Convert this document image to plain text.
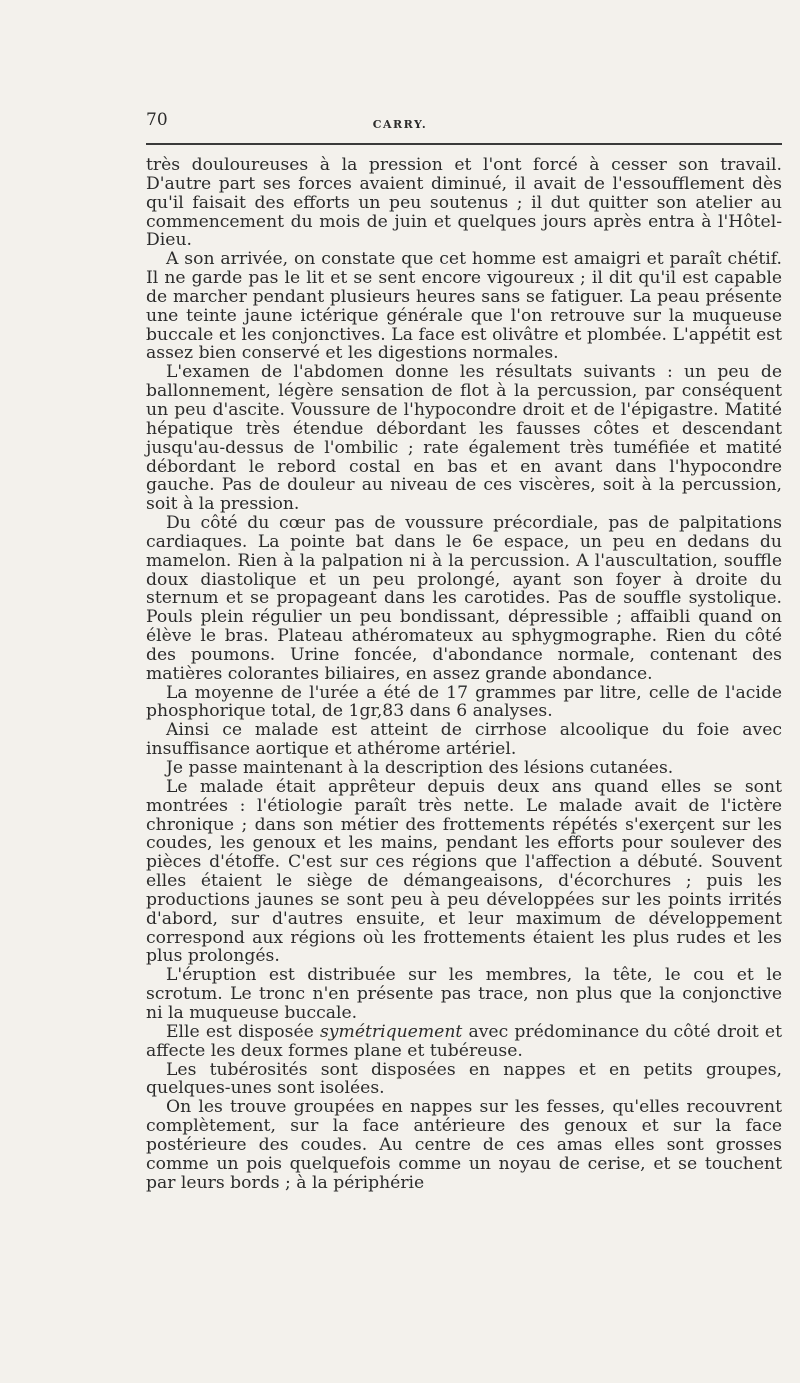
70	CARRY.

très douloureuses à la pression et l'ont forcé à cesser son travail. D'autre part ses forces avaient diminué, il avait de l'essoufflement dès qu'il faisait des efforts un peu soutenus ; il dut quitter son atelier au commencement du mois de juin et quelques jours après entra à l'Hôtel-Dieu.

A son arrivée, on constate que cet homme est amaigri et paraît chétif. Il ne garde pas le lit et se sent encore vigoureux ; il dit qu'il est capable de marcher pendant plusieurs heures sans se fatiguer. La peau présente une teinte jaune ictérique générale que l'on retrouve sur la muqueuse buccale et les conjonctives. La face est olivâtre et plombée. L'appétit est assez bien conservé et les digestions normales.

L'examen de l'abdomen donne les résultats suivants : un peu de ballonnement, légère sensation de flot à la percussion, par conséquent un peu d'ascite. Voussure de l'hypocondre droit et de l'épigastre. Matité hépatique très étendue débordant les fausses côtes et descendant jusqu'au-dessus de l'ombilic ; rate également très tuméfiée et matité débordant le rebord costal en bas et en avant dans l'hypocondre gauche. Pas de douleur au niveau de ces viscères, soit à la percussion, soit à la pression.

Du côté du cœur pas de voussure précordiale, pas de palpitations cardiaques. La pointe bat dans le 6e espace, un peu en dedans du mamelon. Rien à la palpation ni à la percussion. A l'auscultation, souffle doux diastolique et un peu prolongé, ayant son foyer à droite du sternum et se propageant dans les carotides. Pas de souffle systolique. Pouls plein régulier un peu bondissant, dépressible ; affaibli quand on élève le bras. Plateau athéromateux au sphygmographe. Rien du côté des poumons. Urine foncée, d'abondance normale, contenant des matières colorantes biliaires, en assez grande abondance.

La moyenne de l'urée a été de 17 grammes par litre, celle de l'acide phosphorique total, de 1gr,83 dans 6 analyses.

Ainsi ce malade est atteint de cirrhose alcoolique du foie avec insuffisance aortique et athérome artériel.

Je passe maintenant à la description des lésions cutanées.

Le malade était apprêteur depuis deux ans quand elles se sont montrées : l'étiologie paraît très nette. Le malade avait de l'ictère chronique ; dans son métier des frottements répétés s'exerçent sur les coudes, les genoux et les mains, pendant les efforts pour soulever des pièces d'étoffe. C'est sur ces régions que l'affection a débuté. Souvent elles étaient le siège de démangeaisons, d'écorchures ; puis les productions jaunes se sont peu à peu développées sur les points irrités d'abord, sur d'autres ensuite, et leur maximum de développement correspond aux régions où les frottements étaient les plus rudes et les plus prolongés.

L'éruption est distribuée sur les membres, la tête, le cou et le scrotum. Le tronc n'en présente pas trace, non plus que la conjonctive ni la muqueuse buccale.

Elle est disposée symétriquement avec prédominance du côté droit et affecte les deux formes plane et tubéreuse.

Les tubérosités sont disposées en nappes et en petits groupes, quelques-unes sont isolées.

On les trouve groupées en nappes sur les fesses, qu'elles recouvrent complètement, sur la face antérieure des genoux et sur la face postérieure des coudes. Au centre de ces amas elles sont grosses comme un pois quelquefois comme un noyau de cerise, et se touchent par leurs bords ; à la périphérie
